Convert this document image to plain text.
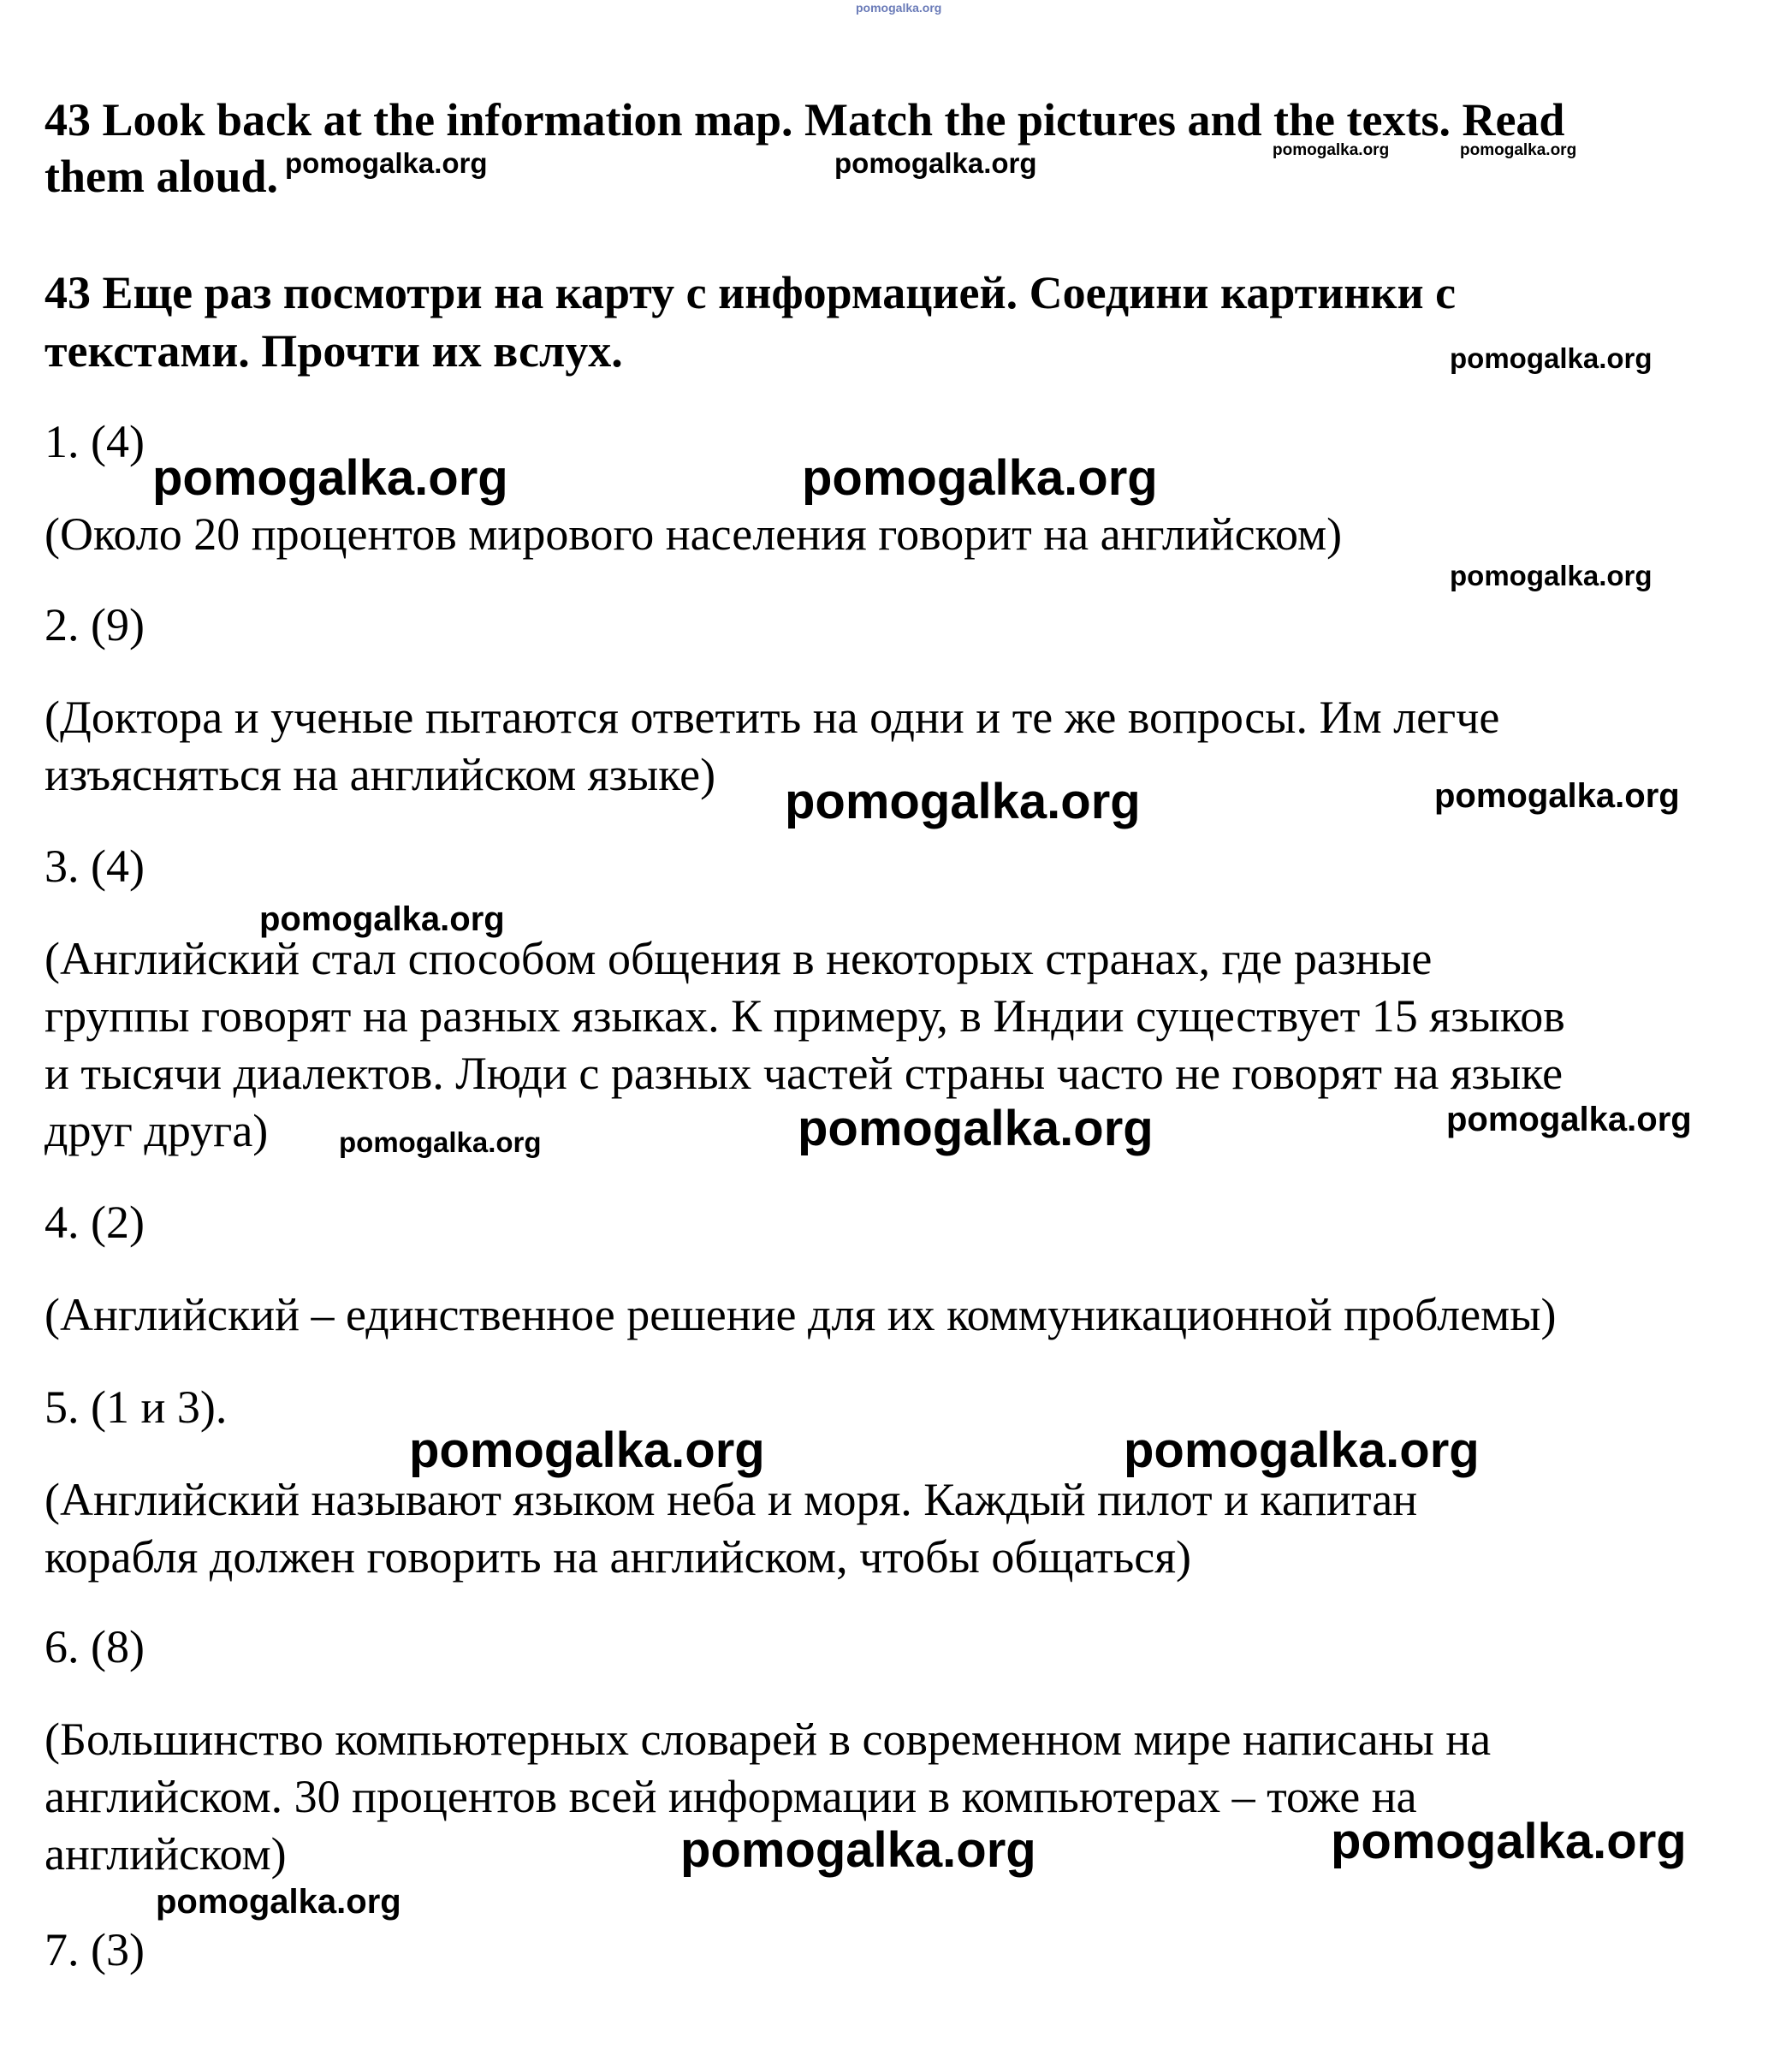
pomogalka.org
43 Look back at the information map. Match the pictures and the texts. Read
them aloud.
43 Еще раз посмотри на карту с информацией. Соедини картинки с
текстами. Прочти их вслух.
1. (4)
(Около 20 процентов мирового населения говорит на английском)
2. (9)
(Доктора и ученые пытаются ответить на одни и те же вопросы. Им легче
изъясняться на английском языке)
3. (4)
(Английский стал способом общения в некоторых странах, где разные
группы говорят на разных языках. К примеру, в Индии существует 15 языков
и тысячи диалектов. Люди с разных частей страны часто не говорят на языке
друг друга)
4. (2)
(Английский – единственное решение для их коммуникационной проблемы)
5. (1 и 3).
(Английский называют языком неба и моря. Каждый пилот и капитан
корабля должен говорить на английском, чтобы общаться)
6. (8)
(Большинство компьютерных словарей в современном мире написаны на
английском. 30 процентов всей информации в компьютерах – тоже на
английском)
7. (3)
pomogalka.org	pomogalka.org	pomogalka.org	pomogalka.org
pomogalka.org
pomogalka.org	pomogalka.org
pomogalka.org
pomogalka.org	pomogalka.org
pomogalka.org
pomogalka.org	pomogalka.org
pomogalka.org
pomogalka.org	pomogalka.org
pomogalka.org	pomogalka.org
pomogalka.org
